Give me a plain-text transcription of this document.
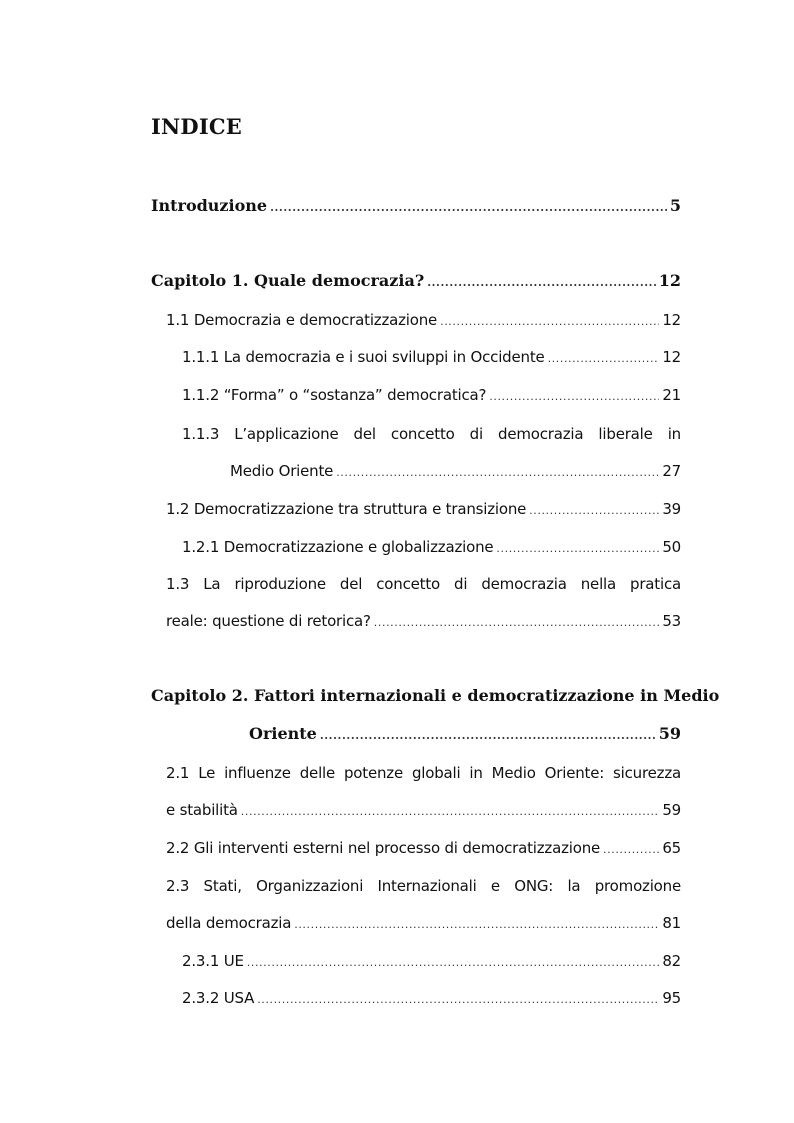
INDICE
Introduzione .....	5
Capitolo 1. Quale democrazia? .....	12
1.1 Democrazia e democratizzazione .....	12
1.1.1 La democrazia e i suoi sviluppi in Occidente .....	12
1.1.2 “Forma” o “sostanza” democratica? .....	21
1.1.3 L’applicazione del concetto di democrazia liberale in
Medio Oriente .....	27
1.2 Democratizzazione tra struttura e transizione .....	39
1.2.1 Democratizzazione e globalizzazione .....	50
1.3 La riproduzione del concetto di democrazia nella pratica
reale: questione di retorica? .....	53
Capitolo 2. Fattori internazionali e democratizzazione in Medio
Oriente .....	59
2.1 Le influenze delle potenze globali in Medio Oriente: sicurezza
e stabilità .....	59
2.2 Gli interventi esterni nel processo di democratizzazione .....	65
2.3 Stati, Organizzazioni Internazionali e ONG: la promozione
della democrazia .....	81
2.3.1 UE .....	82
2.3.2 USA .....	95
